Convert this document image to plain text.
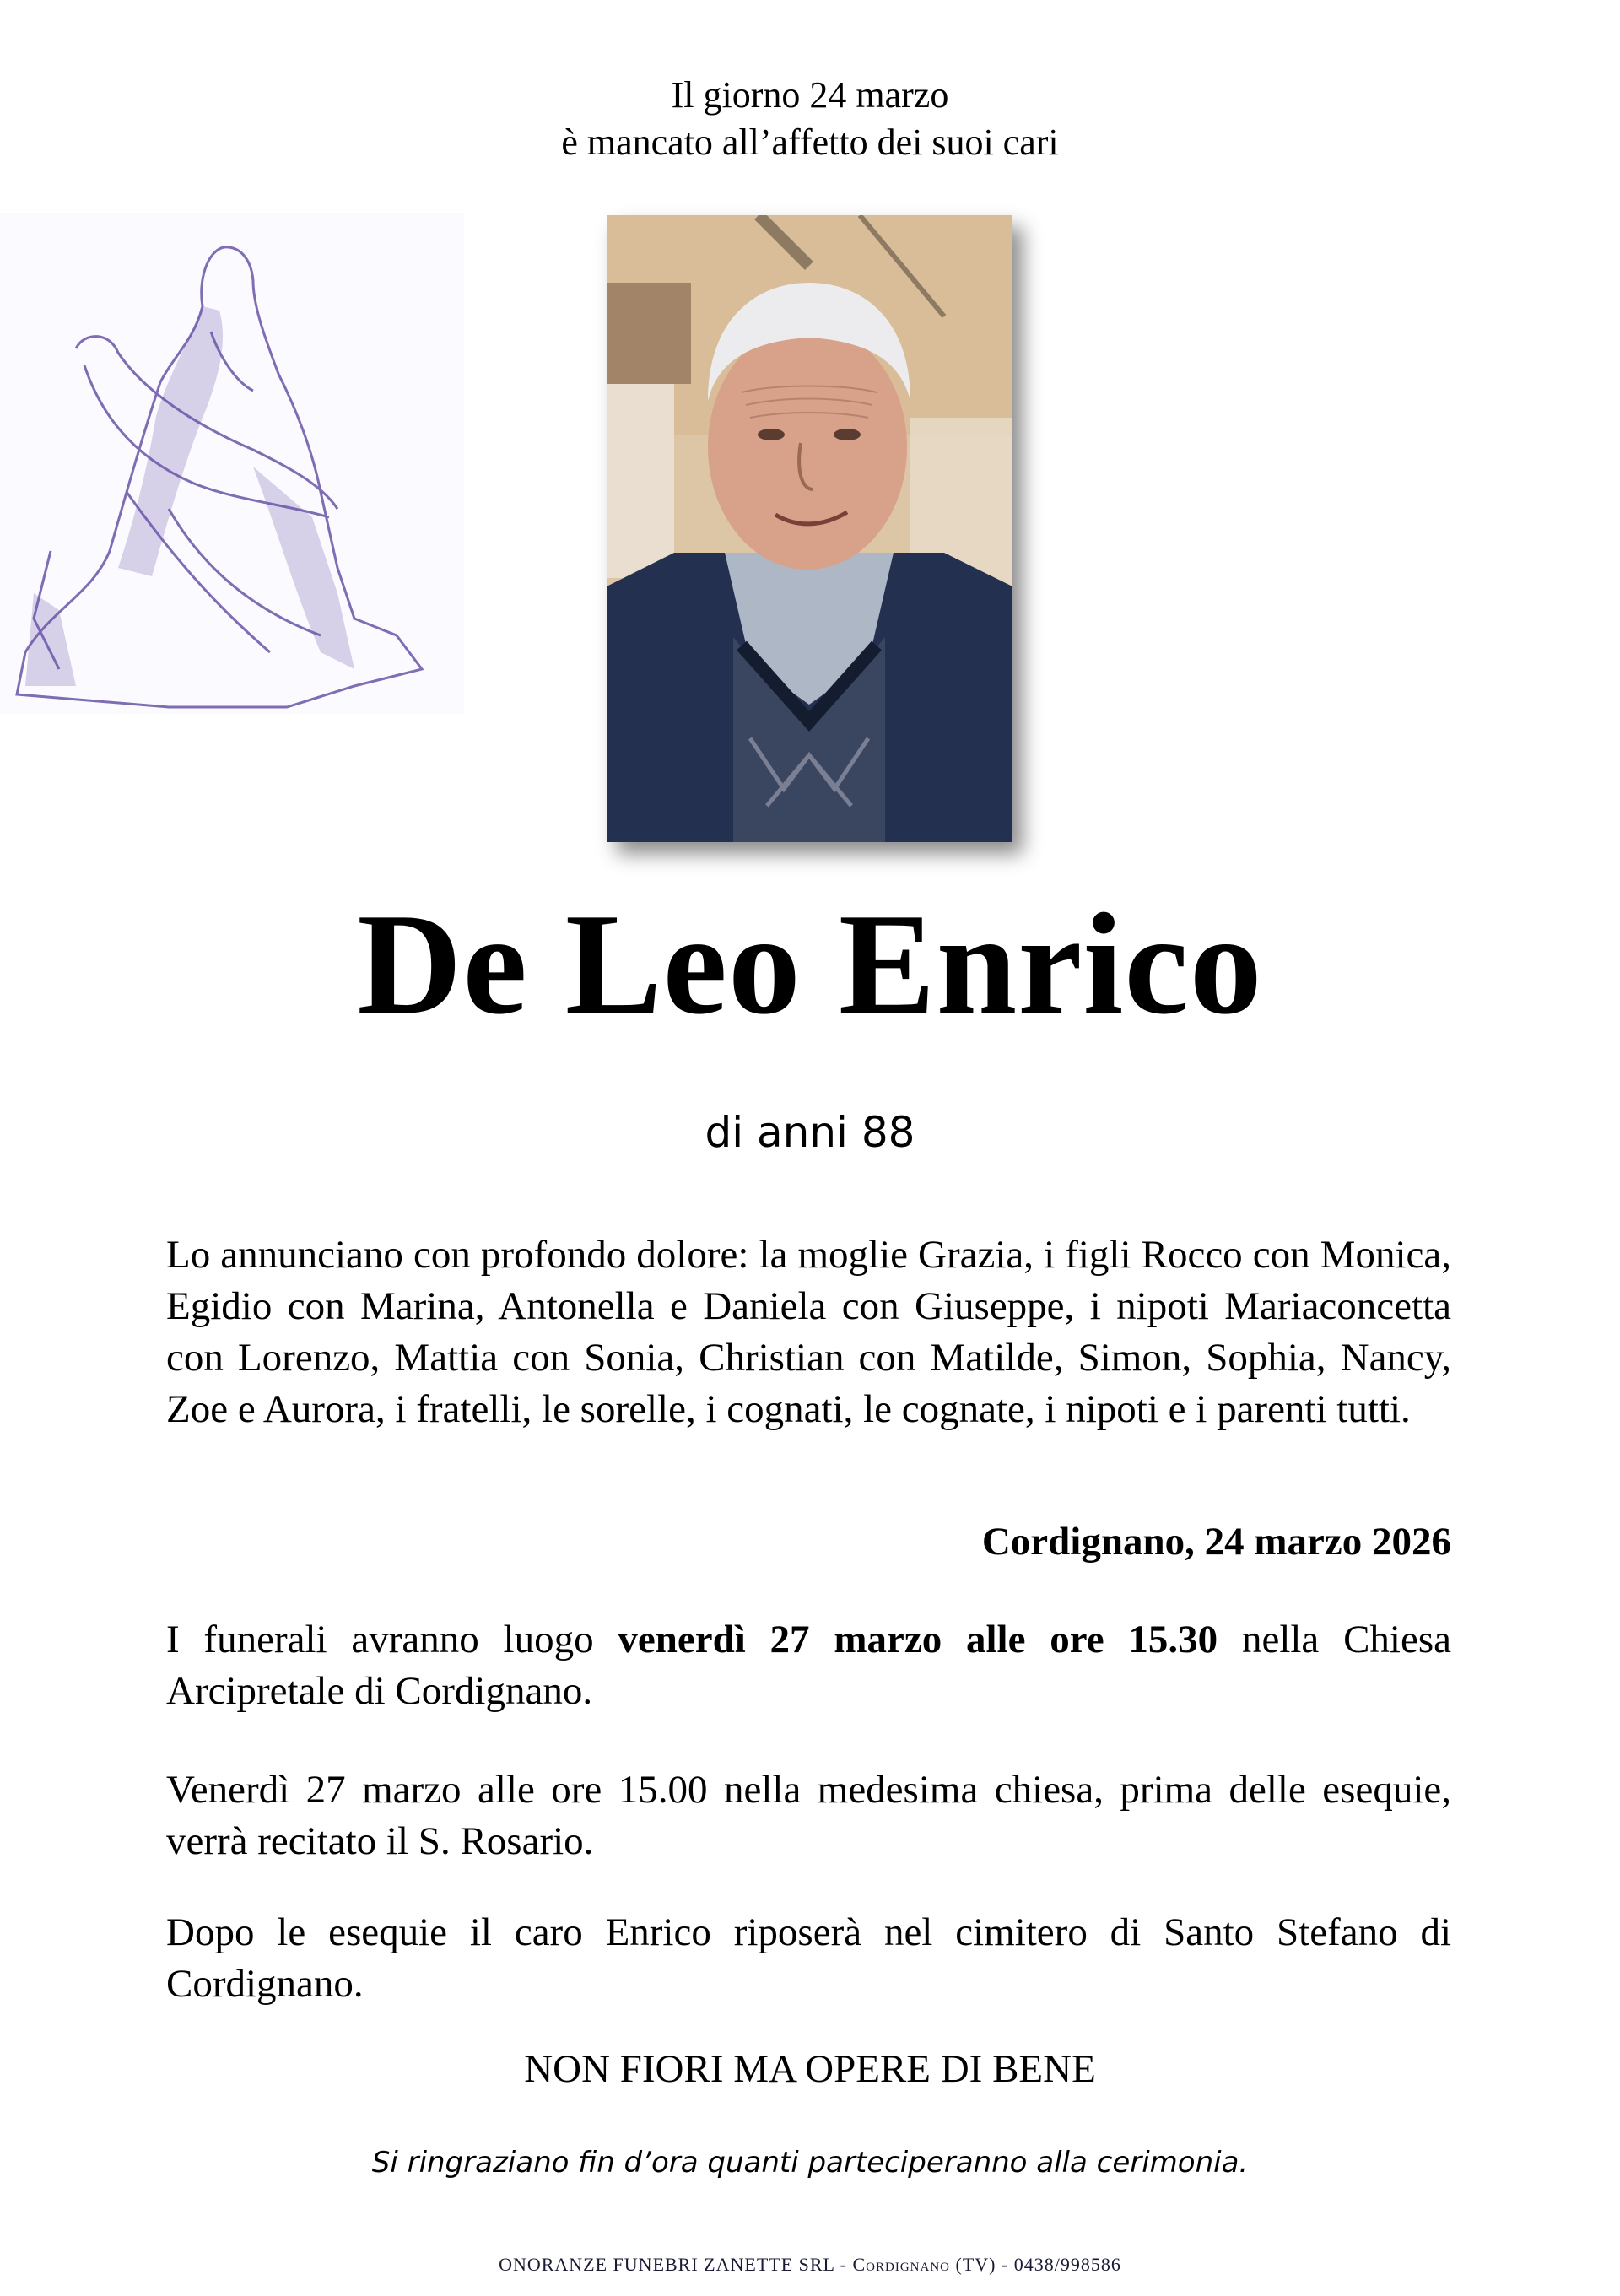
Il giorno 24 marzo
è mancato all’affetto dei suoi cari
De Leo Enrico
di anni 88
Lo annunciano con profondo dolore: la moglie Grazia, i figli Rocco con Monica, Egidio con Marina, Antonella e Daniela con Giuseppe, i nipoti Mariaconcetta con Lorenzo, Mattia con Sonia, Christian con Matilde, Simon, Sophia, Nancy, Zoe e Aurora, i fratelli, le sorelle, i cognati, le cognate, i nipoti e i parenti tutti.
Cordignano, 24 marzo 2026
I funerali avranno luogo venerdì 27 marzo alle ore 15.30 nella Chiesa Arcipretale di Cordignano.
Venerdì 27 marzo alle ore 15.00 nella medesima chiesa, prima delle esequie, verrà recitato il S. Rosario.
Dopo le esequie il caro Enrico riposerà nel cimitero di Santo Stefano di Cordignano.
NON FIORI MA OPERE DI BENE
Si ringraziano fin d’ora quanti parteciperanno alla cerimonia.
ONORANZE FUNEBRI ZANETTE SRL - Cordignano (TV) - 0438/998586
